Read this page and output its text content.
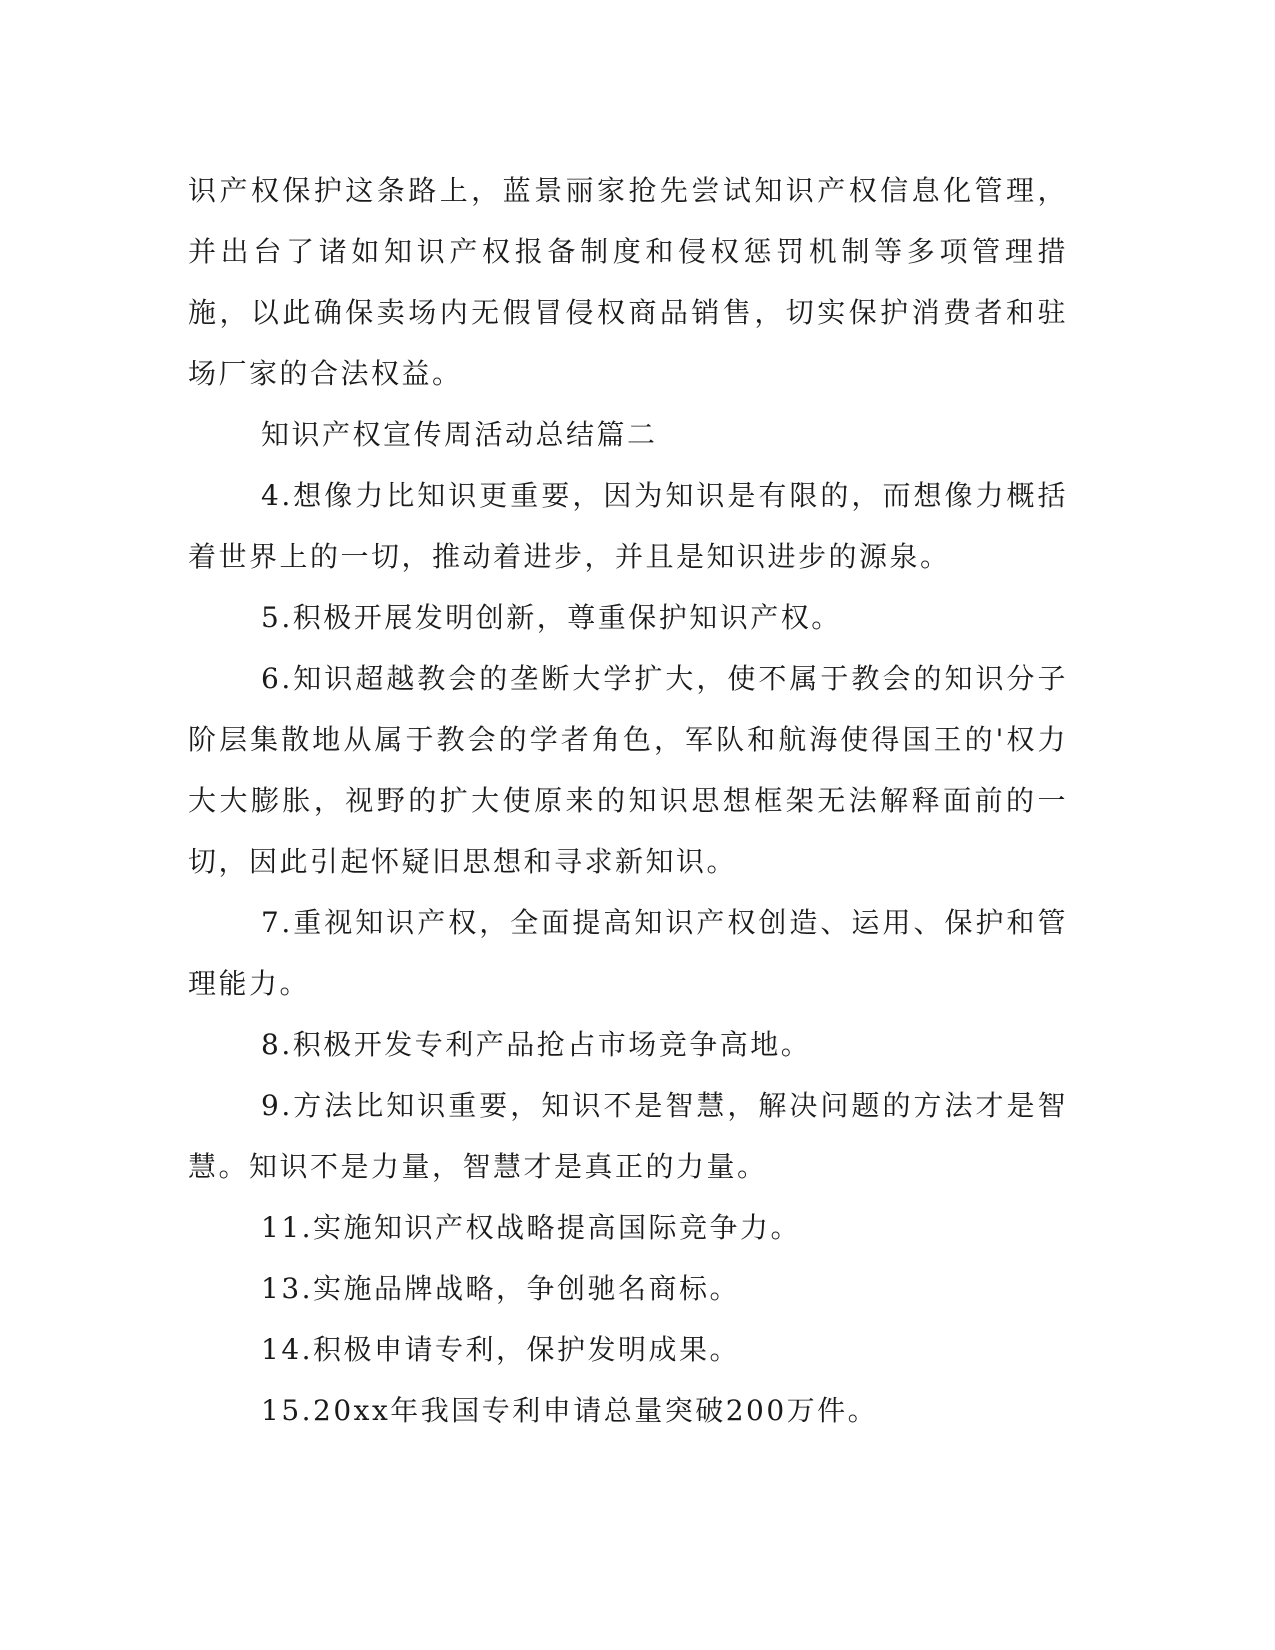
识产权保护这条路上，蓝景丽家抢先尝试知识产权信息化管理，并出台了诸如知识产权报备制度和侵权惩罚机制等多项管理措施，以此确保卖场内无假冒侵权商品销售，切实保护消费者和驻场厂家的合法权益。

知识产权宣传周活动总结篇二

4.想像力比知识更重要，因为知识是有限的，而想像力概括着世界上的一切，推动着进步，并且是知识进步的源泉。

5.积极开展发明创新，尊重保护知识产权。

6.知识超越教会的垄断大学扩大，使不属于教会的知识分子阶层集散地从属于教会的学者角色，军队和航海使得国王的'权力大大膨胀，视野的扩大使原来的知识思想框架无法解释面前的一切，因此引起怀疑旧思想和寻求新知识。

7.重视知识产权，全面提高知识产权创造、运用、保护和管理能力。

8.积极开发专利产品抢占市场竞争高地。

9.方法比知识重要，知识不是智慧，解决问题的方法才是智慧。知识不是力量，智慧才是真正的力量。

11.实施知识产权战略提高国际竞争力。

13.实施品牌战略，争创驰名商标。

14.积极申请专利，保护发明成果。

15.20xx年我国专利申请总量突破200万件。
